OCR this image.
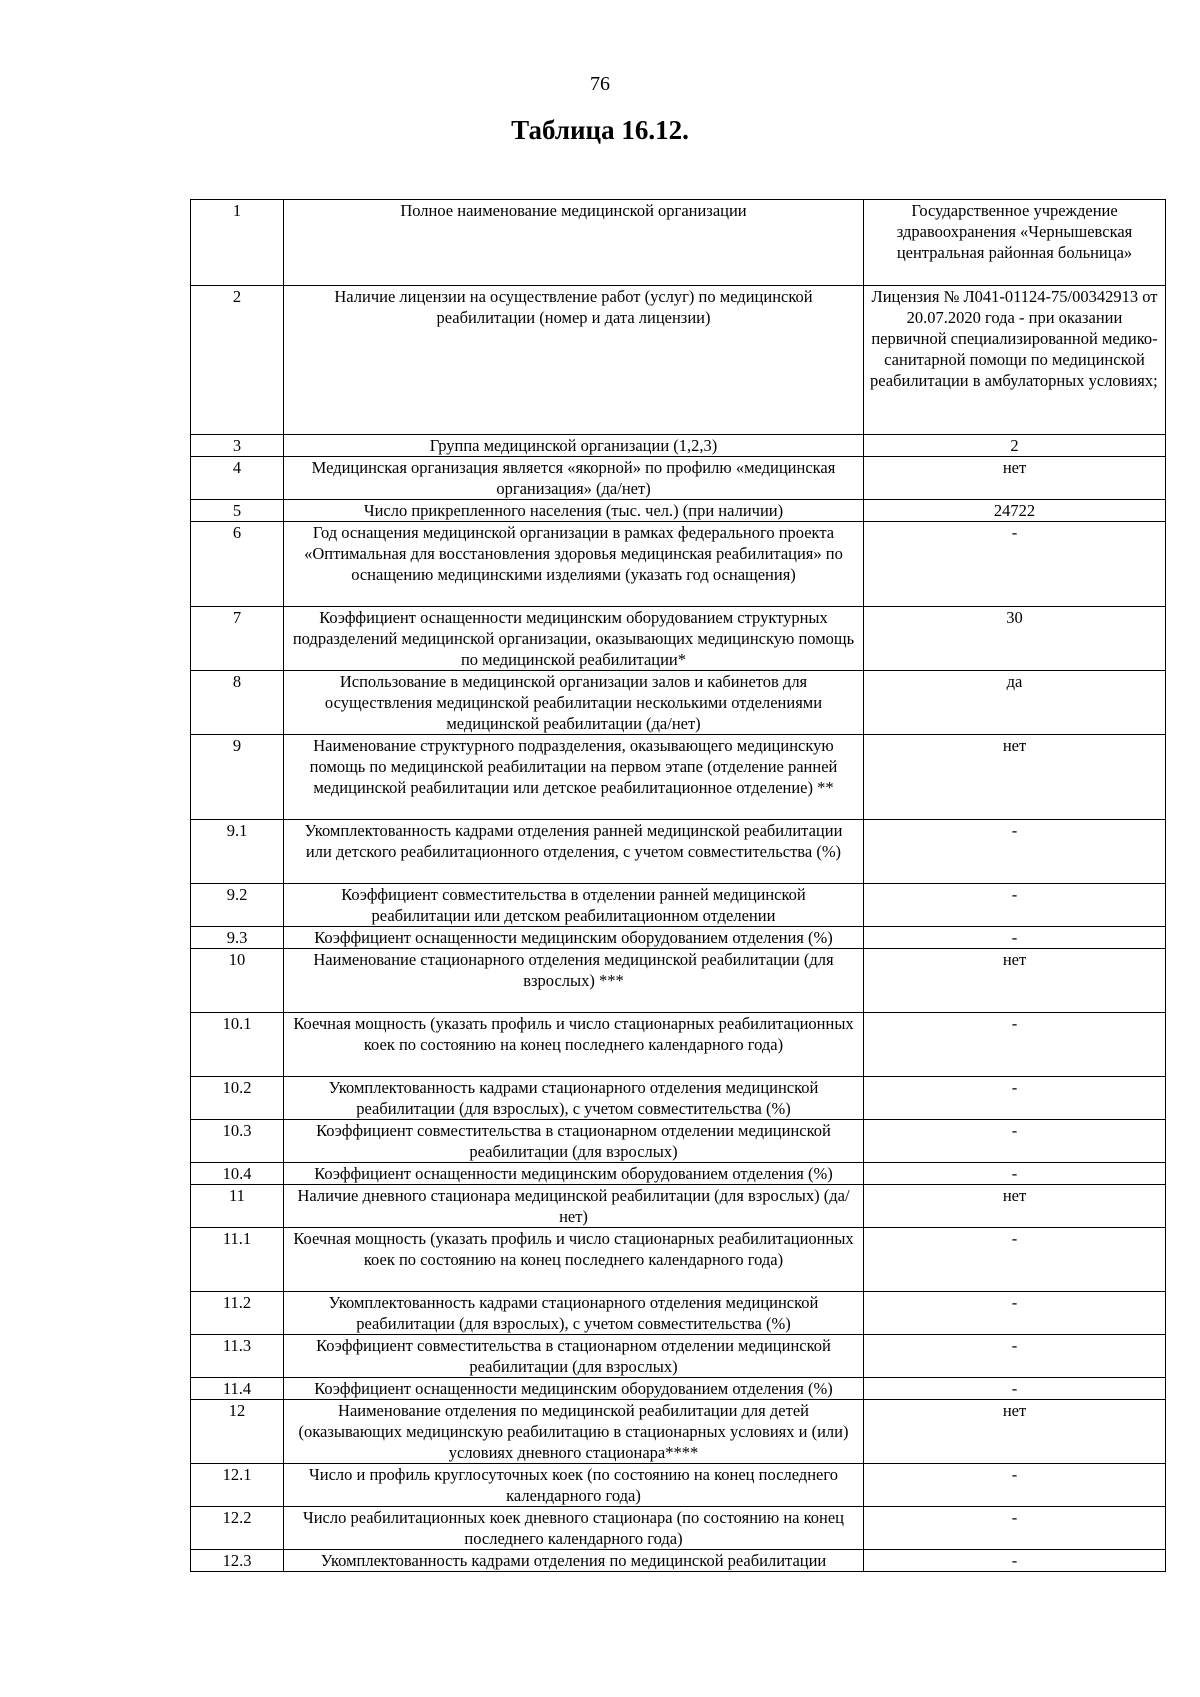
76
Таблица 16.12.
1	Полное наименование медицинской организации	Государственное учреждение здравоохранения «Чернышевская центральная районная больница»
2	Наличие лицензии на осуществление работ (услуг) по медицинской реабилитации (номер и дата лицензии)	Лицензия № Л041-01124-75/00342913 от 20.07.2020 года - при оказании первичной специализированной медико-санитарной помощи по медицинской реабилитации в амбулаторных условиях;
3	Группа медицинской организации (1,2,3)	2
4	Медицинская организация является «якорной» по профилю «медицинская организация» (да/нет)	нет
5	Число прикрепленного населения (тыс. чел.) (при наличии)	24722
6	Год оснащения медицинской организации в рамках федерального проекта «Оптимальная для восстановления здоровья медицинская реабилитация» по оснащению медицинскими изделиями (указать год оснащения)	-
7	Коэффициент оснащенности медицинским оборудованием структурных подразделений медицинской организации, оказывающих медицинскую помощь по медицинской реабилитации*	30
8	Использование в медицинской организации залов и кабинетов для осуществления медицинской реабилитации несколькими отделениями медицинской реабилитации (да/нет)	да
9	Наименование структурного подразделения, оказывающего медицинскую помощь по медицинской реабилитации на первом этапе (отделение ранней медицинской реабилитации или детское реабилитационное отделение) **	нет
9.1	Укомплектованность кадрами отделения ранней медицинской реабилитации или детского реабилитационного отделения, с учетом совместительства (%)	-
9.2	Коэффициент совместительства в отделении ранней медицинской реабилитации или детском реабилитационном отделении	-
9.3	Коэффициент оснащенности медицинским оборудованием отделения (%)	-
10	Наименование стационарного отделения медицинской реабилитации (для взрослых) ***	нет
10.1	Коечная мощность (указать профиль и число стационарных реабилитационных коек по состоянию на конец последнего календарного года)	-
10.2	Укомплектованность кадрами стационарного отделения медицинской реабилитации (для взрослых), с учетом совместительства (%)	-
10.3	Коэффициент совместительства в стационарном отделении медицинской реабилитации (для взрослых)	-
10.4	Коэффициент оснащенности медицинским оборудованием отделения (%)	-
11	Наличие дневного стационара медицинской реабилитации (для взрослых) (да/нет)	нет
11.1	Коечная мощность (указать профиль и число стационарных реабилитационных коек по состоянию на конец последнего календарного года)	-
11.2	Укомплектованность кадрами стационарного отделения медицинской реабилитации (для взрослых), с учетом совместительства (%)	-
11.3	Коэффициент совместительства в стационарном отделении медицинской реабилитации (для взрослых)	-
11.4	Коэффициент оснащенности медицинским оборудованием отделения (%)	-
12	Наименование отделения по медицинской реабилитации для детей (оказывающих медицинскую реабилитацию в стационарных условиях и (или) условиях дневного стационара****	нет
12.1	Число и профиль круглосуточных коек (по состоянию на конец последнего календарного года)	-
12.2	Число реабилитационных коек дневного стационара (по состоянию на конец последнего календарного года)	-
12.3	Укомплектованность кадрами отделения по медицинской реабилитации	-
